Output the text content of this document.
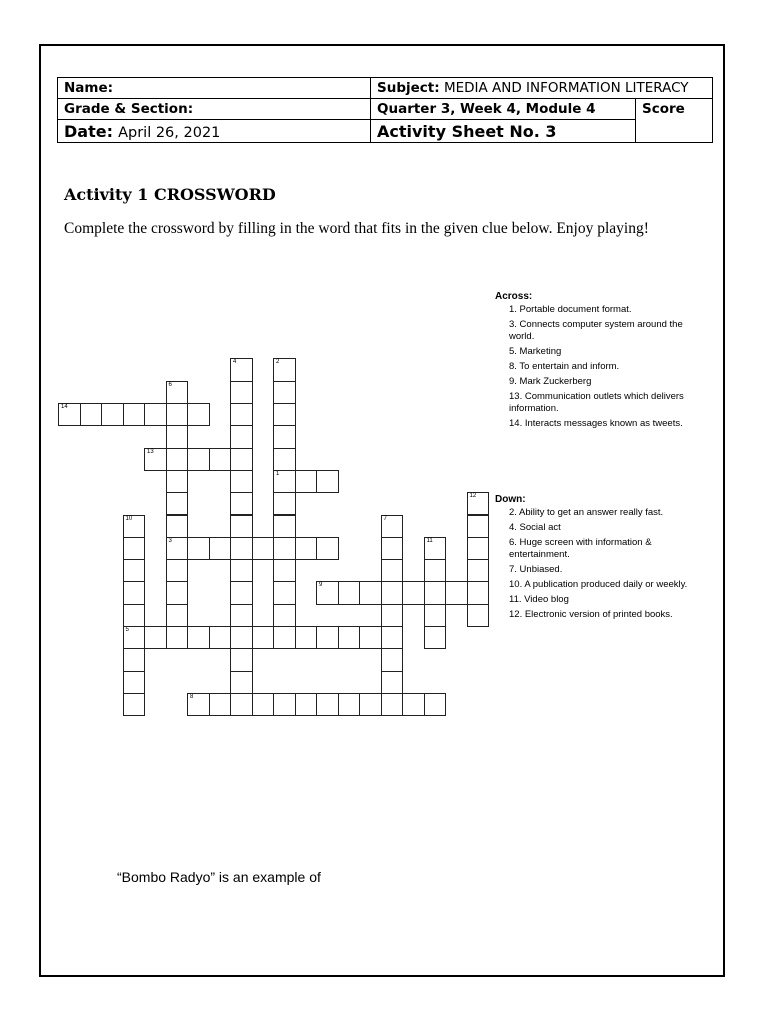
Name:	Subject: MEDIA AND INFORMATION LITERACY	
Grade & Section:	Quarter 3, Week 4, Module 4	Score
Date: April 26, 2021	Activity Sheet No. 3	
Activity 1 CROSSWORD
Complete the crossword by filling in the word that fits in the given clue below. Enjoy playing!
14
13
1
3
9
5
8
4	2
6
12
10	7
11
Across:
1. Portable document format.
3. Connects computer system around the world.
5. Marketing
8. To entertain and inform.
9. Mark Zuckerberg
13. Communication outlets which delivers information.
14. Interacts messages known as tweets.
Down:
2. Ability to get an answer really fast.
4. Social act
6. Huge screen with information & entertainment.
7. Unbiased.
10. A publication produced daily or weekly.
11. Video blog
12. Electronic version of printed books.
“Bombo Radyo” is an example of
